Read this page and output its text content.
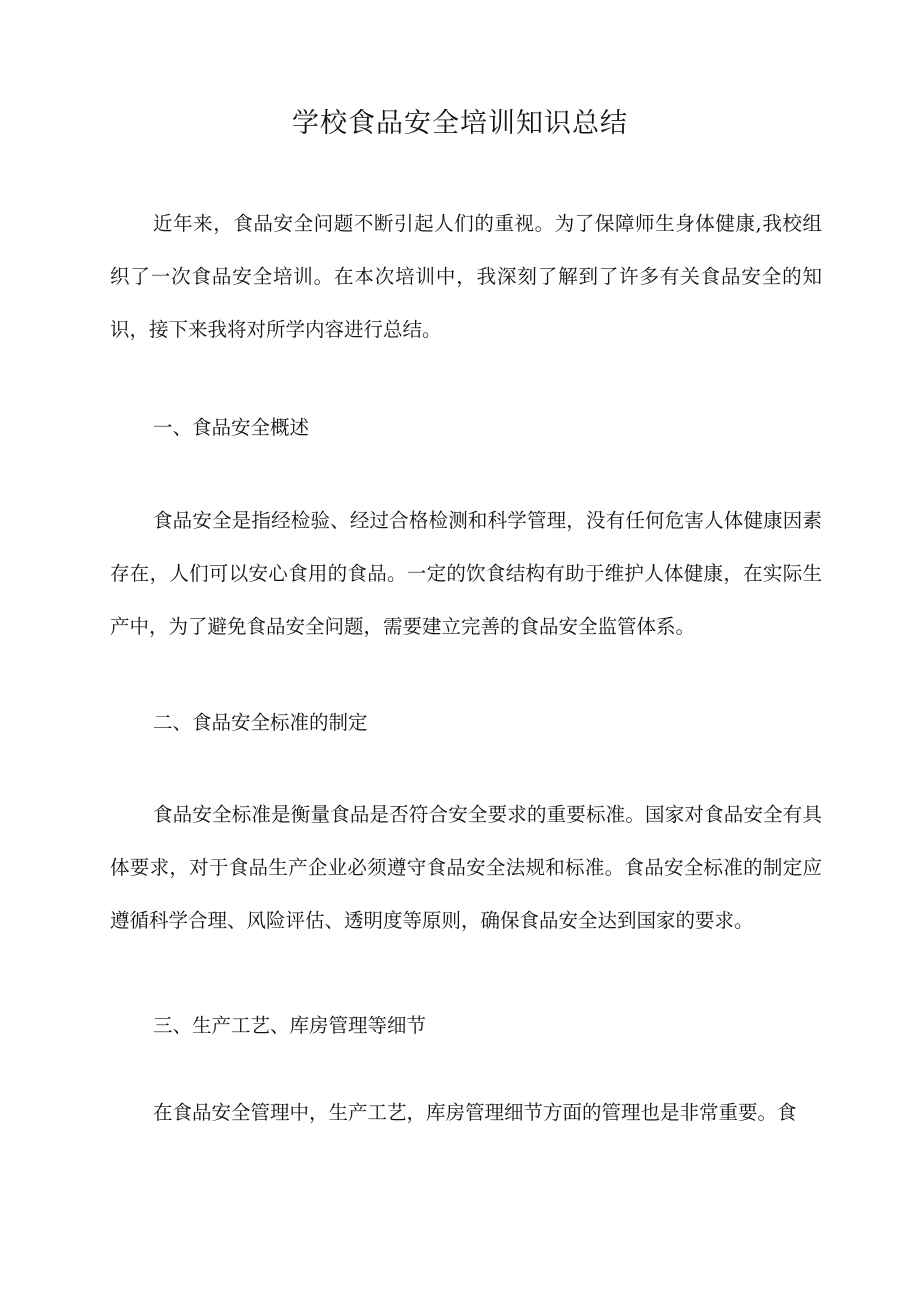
学校食品安全培训知识总结

近年来，食品安全问题不断引起人们的重视。为了保障师生身体健康,我校组织了一次食品安全培训。在本次培训中，我深刻了解到了许多有关食品安全的知识，接下来我将对所学内容进行总结。

一、食品安全概述

食品安全是指经检验、经过合格检测和科学管理，没有任何危害人体健康因素存在，人们可以安心食用的食品。一定的饮食结构有助于维护人体健康，在实际生产中，为了避免食品安全问题，需要建立完善的食品安全监管体系。

二、食品安全标准的制定

食品安全标准是衡量食品是否符合安全要求的重要标准。国家对食品安全有具体要求，对于食品生产企业必须遵守食品安全法规和标准。食品安全标准的制定应遵循科学合理、风险评估、透明度等原则，确保食品安全达到国家的要求。

三、生产工艺、库房管理等细节

在食品安全管理中，生产工艺，库房管理细节方面的管理也是非常重要。食
